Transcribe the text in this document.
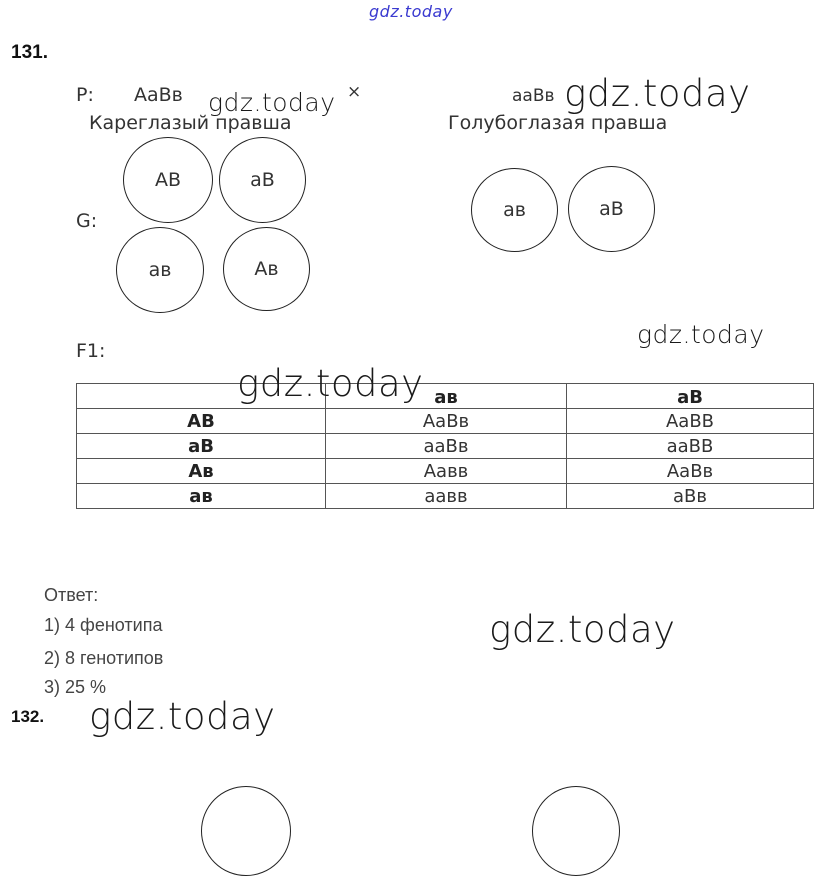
gdz.today
131.
P: АаВв	×	ааВв
Кареглазый правша	Голубоглазая правша
gdz.today	gdz.today
G:
АВ	аВ
ав	Ав
ав	аВ
gdz.today
F1:
	ав	аВ
АВ	АаВв	АаВВ
аВ	ааВв	ааВВ
Ав	Аавв	АаВв
ав	аавв	аВв
gdz.today
Ответ:
1) 4 фенотипа
2) 8 генотипов
3) 25 %
gdz.today
132. gdz.today
